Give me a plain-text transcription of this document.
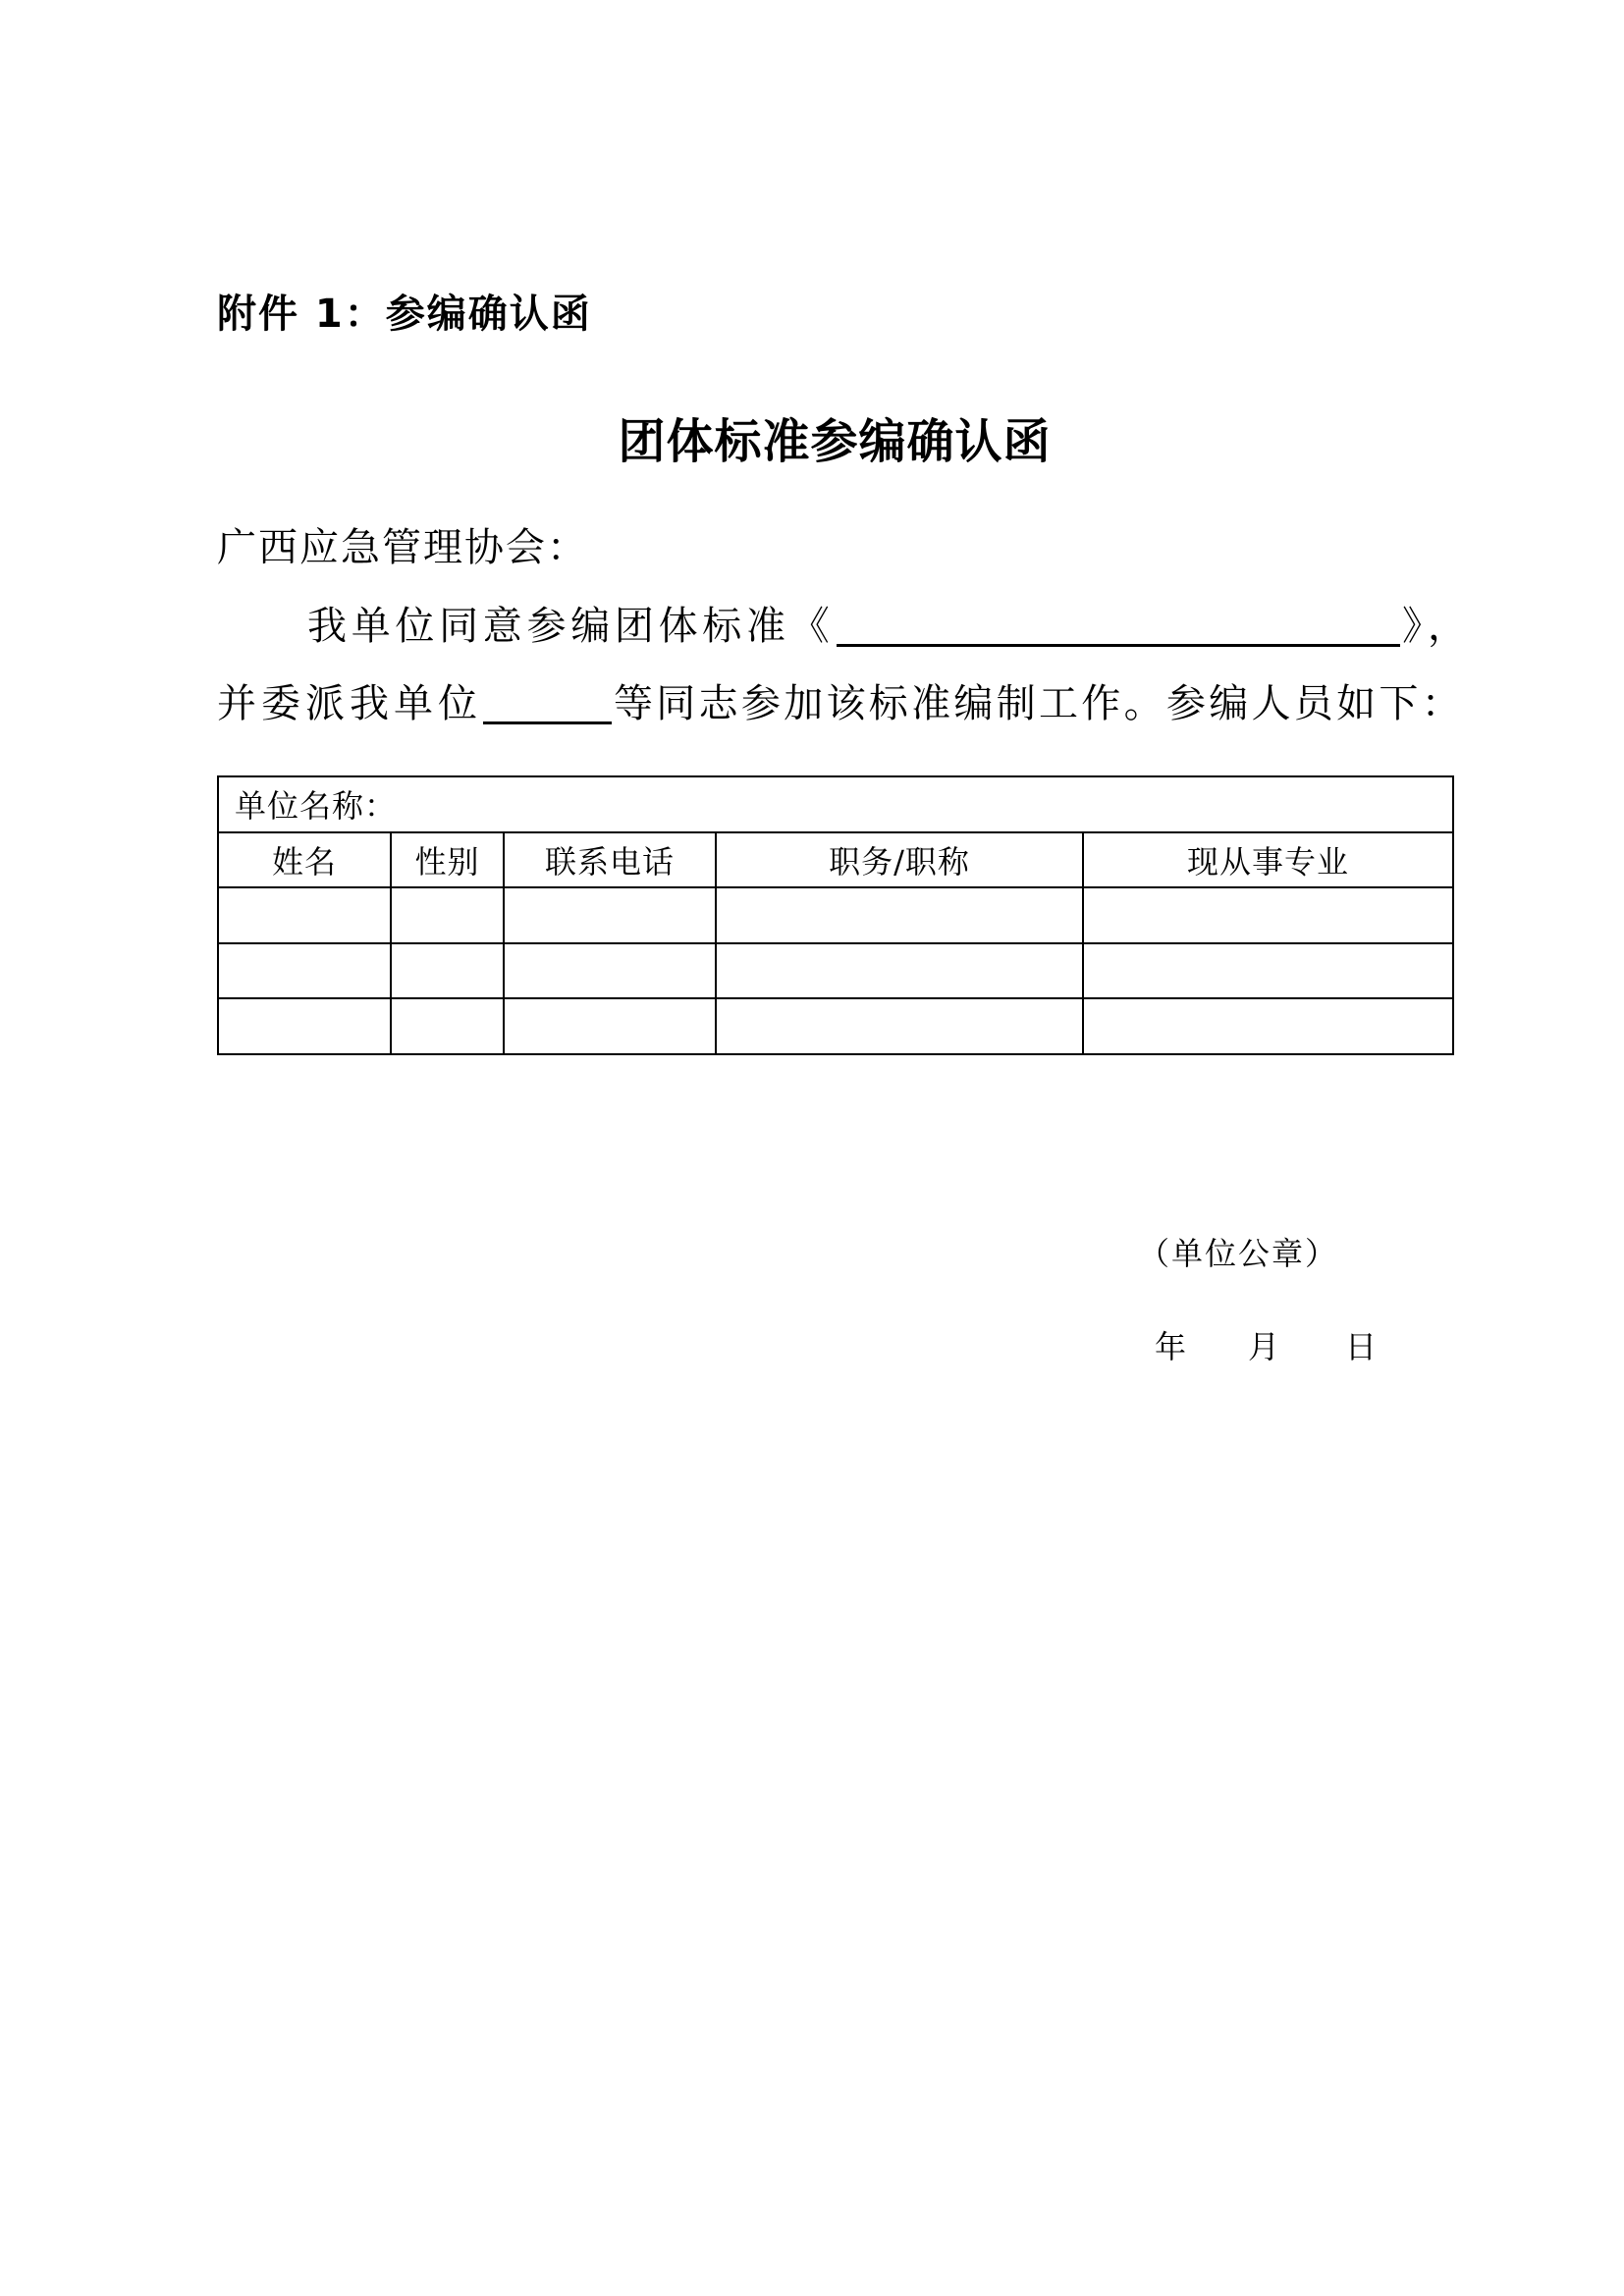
附件 1：参编确认函
团体标准参编确认函
广西应急管理协会：
我单位同意参编团体标准《	》，
并委派我单位	等同志参加该标准编制工作。参编人员如下：
单位名称：				
姓名	性别	联系电话	职务/职称	现从事专业

（单位公章）
年 月 日
